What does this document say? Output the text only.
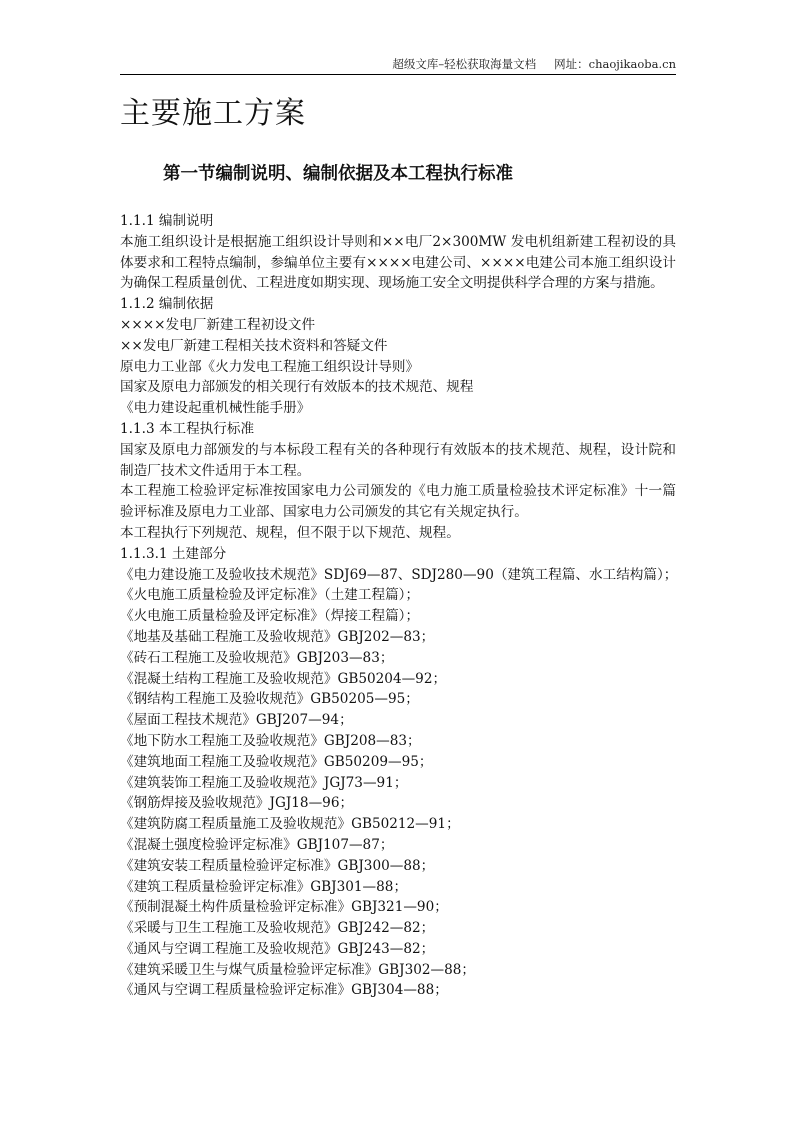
超级文库–轻松获取海量文档 网址：chaojikaoba.cn
主要施工方案
第一节编制说明、编制依据及本工程执行标准

1.1.1 编制说明

本施工组织设计是根据施工组织设计导则和××电厂2×300MW 发电机组新建工程初设的具体要求和工程特点编制，参编单位主要有××××电建公司、××××电建公司本施工组织设计为确保工程质量创优、工程进度如期实现、现场施工安全文明提供科学合理的方案与措施。

1.1.2 编制依据

××××发电厂新建工程初设文件

××发电厂新建工程相关技术资料和答疑文件

原电力工业部《火力发电工程施工组织设计导则》

国家及原电力部颁发的相关现行有效版本的技术规范、规程

《电力建设起重机械性能手册》

1.1.3 本工程执行标准

国家及原电力部颁发的与本标段工程有关的各种现行有效版本的技术规范、规程，设计院和制造厂技术文件适用于本工程。

本工程施工检验评定标准按国家电力公司颁发的《电力施工质量检验技术评定标准》十一篇验评标准及原电力工业部、国家电力公司颁发的其它有关规定执行。

本工程执行下列规范、规程，但不限于以下规范、规程。

1.1.3.1 土建部分

《电力建设施工及验收技术规范》SDJ69—87、SDJ280—90（建筑工程篇、水工结构篇）；

《火电施工质量检验及评定标准》（土建工程篇）；

《火电施工质量检验及评定标准》（焊接工程篇）；

《地基及基础工程施工及验收规范》GBJ202—83；

《砖石工程施工及验收规范》GBJ203—83；

《混凝土结构工程施工及验收规范》GB50204—92；

《钢结构工程施工及验收规范》GB50205—95；

《屋面工程技术规范》GBJ207—94；

《地下防水工程施工及验收规范》GBJ208—83；

《建筑地面工程施工及验收规范》GB50209—95；

《建筑装饰工程施工及验收规范》JGJ73—91；

《钢筋焊接及验收规范》JGJ18—96；

《建筑防腐工程质量施工及验收规范》GB50212—91；

《混凝土强度检验评定标准》GBJ107—87；

《建筑安装工程质量检验评定标准》GBJ300—88；

《建筑工程质量检验评定标准》GBJ301—88；

《预制混凝土构件质量检验评定标准》GBJ321—90；

《采暖与卫生工程施工及验收规范》GBJ242—82；

《通风与空调工程施工及验收规范》GBJ243—82；

《建筑采暖卫生与煤气质量检验评定标准》GBJ302—88；

《通风与空调工程质量检验评定标准》GBJ304—88；
